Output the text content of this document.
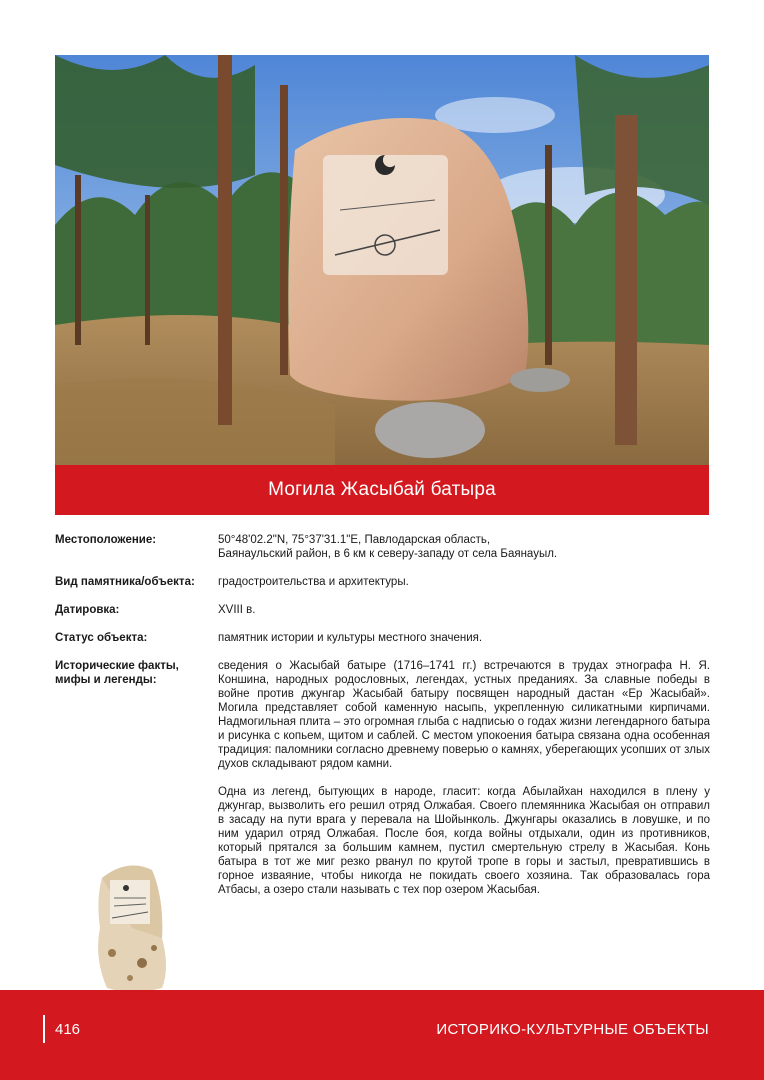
Могила Жасыбай батыра
Местоположение:	50°48'02.2"N, 75°37'31.1"E, Павлодарская область,
Баянаульский район, в 6 км к северу-западу от села Баянауыл.
Вид памятника/объекта:	градостроительства и архитектуры.
Датировка:	XVIII в.
Статус объекта:	памятник истории и культуры местного значения.
Исторические факты,
мифы и легенды:
сведения о Жасыбай батыре (1716–1741 гг.) встречаются в трудах этнографа Н. Я. Коншина, народных родословных, легендах, устных преданиях. За славные победы в войне против джунгар Жасыбай батыру посвящен народный дастан «Ер Жасыбай». Могила представляет собой каменную насыпь, укрепленную силикатными кирпичами. Надмогильная плита – это огромная глыба с надписью о годах жизни легендарного батыра и рисунка с копьем, щитом и саблей. С местом упокоения батыра связана одна особенная традиция: паломники согласно древнему поверью о камнях, уберегающих усопших от злых духов складывают рядом камни.
Одна из легенд, бытующих в народе, гласит: когда Абылайхан находился в плену у джунгар, вызволить его решил отряд Олжабая. Своего племянника Жасыбая он отправил в засаду на пути врага у перевала на Шойынколь. Джунгары оказались в ловушке, и по ним ударил отряд Олжабая. После боя, когда войны отдыхали, один из противников, который прятался за большим камнем, пустил смертельную стрелу в Жасыбая. Конь батыра в тот же миг резко рванул по крутой тропе в горы и застыл, превратившись в горное изваяние, чтобы никогда не покидать своего хозяина. Так образовалась гора Атбасы, а озеро стали называть с тех пор озером Жасыбая.
416	ИСТОРИКО-КУЛЬТУРНЫЕ ОБЪЕКТЫ
